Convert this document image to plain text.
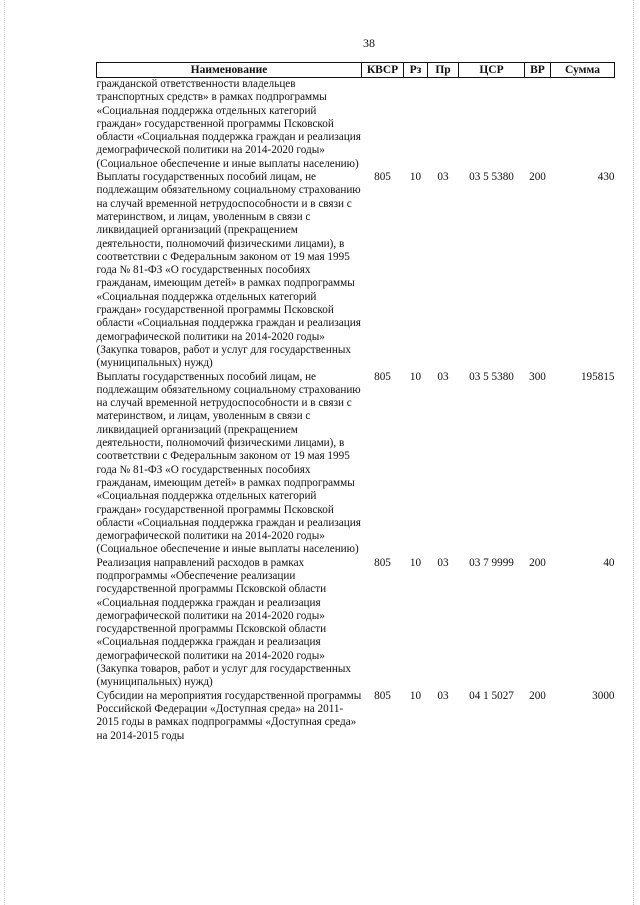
38
Наименование	КВСР	Рз	Пр	ЦСР	ВР	Сумма
гражданской ответственности владельцев транспортных средств» в рамках подпрограммы «Социальная поддержка отдельных категорий граждан» государственной программы Псковской области «Социальная поддержка граждан и реализация демографической политики на 2014-2020 годы» (Социальное обеспечение и иные выплаты населению)						
Выплаты государственных пособий лицам, не подлежащим обязательному социальному страхованию на случай временной нетрудоспособности и в связи с материнством, и лицам, уволенным в связи с ликвидацией организаций (прекращением деятельности, полномочий физическими лицами), в соответствии с Федеральным законом от 19 мая 1995 года № 81-ФЗ «О государственных пособиях гражданам, имеющим детей» в рамках подпрограммы «Социальная поддержка отдельных категорий граждан» государственной программы Псковской области «Социальная поддержка граждан и реализация демографической политики на 2014-2020 годы» (Закупка товаров, работ и услуг для государственных (муниципальных) нужд)	805	10	03	03 5 5380	200	430
Выплаты государственных пособий лицам, не подлежащим обязательному социальному страхованию на случай временной нетрудоспособности и в связи с материнством, и лицам, уволенным в связи с ликвидацией организаций (прекращением деятельности, полномочий физическими лицами), в соответствии с Федеральным законом от 19 мая 1995 года № 81-ФЗ «О государственных пособиях гражданам, имеющим детей» в рамках подпрограммы «Социальная поддержка отдельных категорий граждан» государственной программы Псковской области «Социальная поддержка граждан и реализация демографической политики на 2014-2020 годы» (Социальное обеспечение и иные выплаты населению)	805	10	03	03 5 5380	300	195815
Реализация направлений расходов в рамках подпрограммы «Обеспечение реализации государственной программы Псковской области «Социальная поддержка граждан и реализация демографической политики на 2014-2020 годы» государственной программы Псковской области «Социальная поддержка граждан и реализация демографической политики на 2014-2020 годы» (Закупка товаров, работ и услуг для государственных (муниципальных) нужд)	805	10	03	03 7 9999	200	40
Субсидии на мероприятия государственной программы Российской Федерации «Доступная среда» на 2011-2015 годы в рамках подпрограммы «Доступная среда» на 2014-2015 годы	805	10	03	04 1 5027	200	3000
